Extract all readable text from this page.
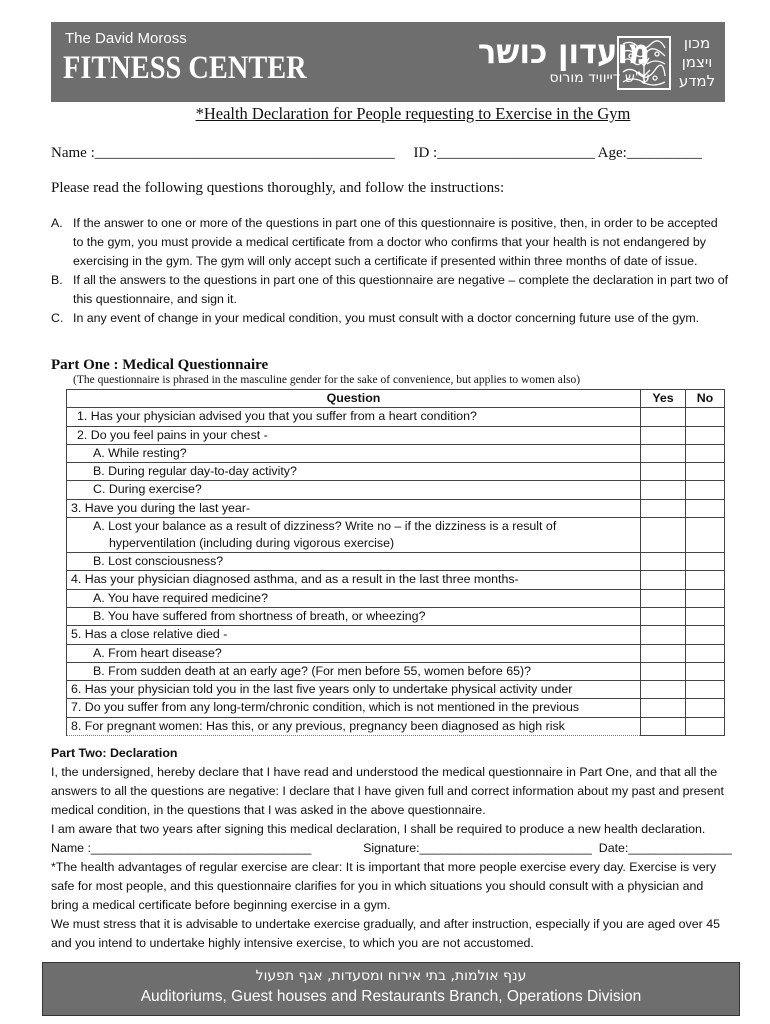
The David Moross
FITNESS CENTER	מועדון כושר
ע"ש דייוויד מורוס
מכון
ויצמן
למדע
*Health Declaration for People requesting to Exercise in the Gym
Name :________________________________________ ID :_____________________ Age:__________
Please read the following questions thoroughly, and follow the instructions:
A. If the answer to one or more of the questions in part one of this questionnaire is positive, then, in order to be accepted to the gym, you must provide a medical certificate from a doctor who confirms that your health is not endangered by exercising in the gym. The gym will only accept such a certificate if presented within three months of date of issue.
B. If all the answers to the questions in part one of this questionnaire are negative – complete the declaration in part two of this questionnaire, and sign it.
C. In any event of change in your medical condition, you must consult with a doctor concerning future use of the gym.
Part One : Medical Questionnaire
(The questionnaire is phrased in the masculine gender for the sake of convenience, but applies to women also)
Question	Yes	No

1. Has your physician advised you that you suffer from a heart condition?		

2. Do you feel pains in your chest -		

A. While resting?		

B. During regular day-to-day activity?		

C. During exercise?		

3. Have you during the last year-		

A. Lost your balance as a result of dizziness? Write no – if the dizziness is a result of
hyperventilation (including during vigorous exercise)		

B. Lost consciousness?		

4. Has your physician diagnosed asthma, and as a result in the last three months-		

A. You have required medicine?		

B. You have suffered from shortness of breath, or wheezing?		

5. Has a close relative died -		

A. From heart disease?		

B. From sudden death at an early age? (For men before 55, women before 65)?		

6. Has your physician told you in the last five years only to undertake physical activity under		

7. Do you suffer from any long-term/chronic condition, which is not mentioned in the previous		

8. For pregnant women: Has this, or any previous, pregnancy been diagnosed as high risk		

Part Two: Declaration
I, the undersigned, hereby declare that I have read and understood the medical questionnaire in Part One, and that all the answers to all the questions are negative: I declare that I have given full and correct information about my past and present medical condition, in the questions that I was asked in the above questionnaire.
I am aware that two years after signing this medical declaration, I shall be required to produce a new health declaration.
Name :________________________________	Signature:_________________________ Date:_______________
*The health advantages of regular exercise are clear: It is important that more people exercise every day. Exercise is very safe for most people, and this questionnaire clarifies for you in which situations you should consult with a physician and bring a medical certificate before beginning exercise in a gym.
We must stress that it is advisable to undertake exercise gradually, and after instruction, especially if you are aged over 45 and you intend to undertake highly intensive exercise, to which you are not accustomed.
ענף אולמות, בתי אירוח ומסעדות, אגף תפעול
Auditoriums, Guest houses and Restaurants Branch, Operations Division
